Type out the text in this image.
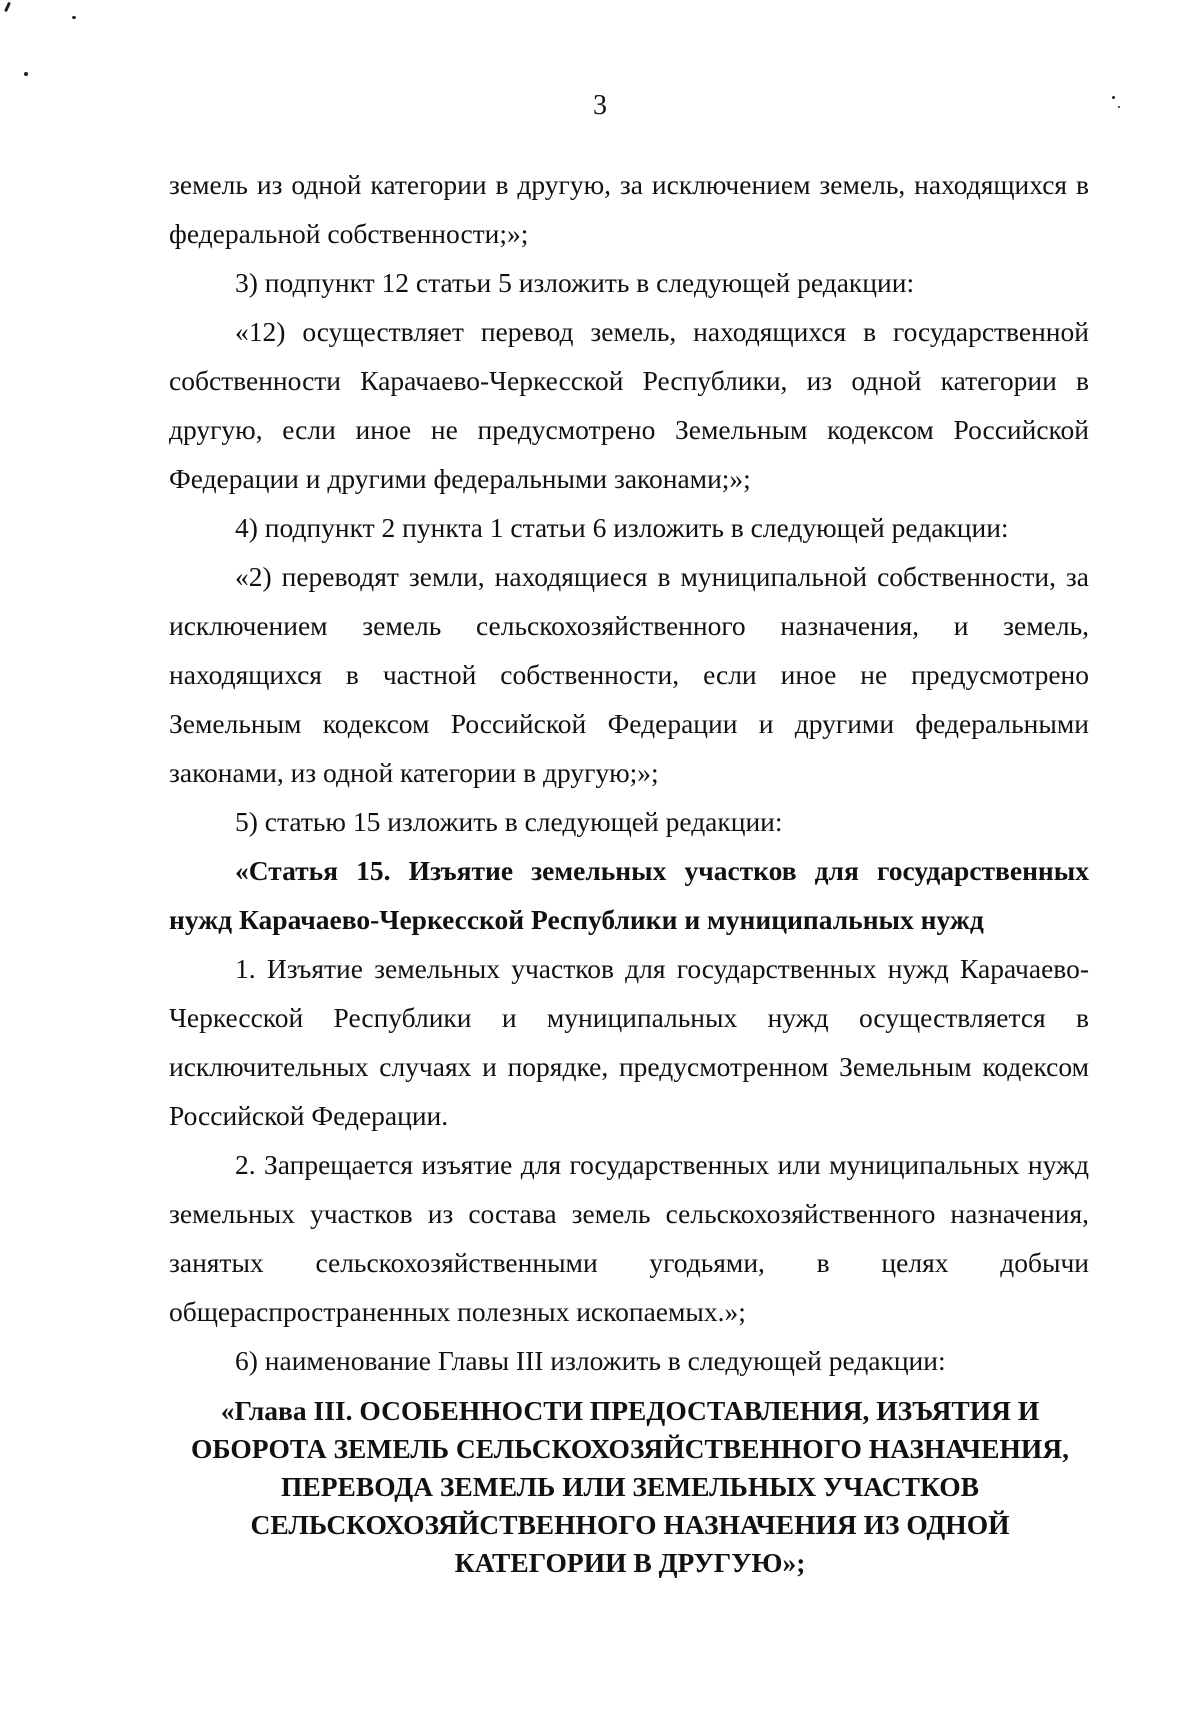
3

земель из одной категории в другую, за исключением земель, находящихся в федеральной собственности;»;

3) подпункт 12 статьи 5 изложить в следующей редакции:

«12) осуществляет перевод земель, находящихся в государственной собственности Карачаево-Черкесской Республики, из одной категории в другую, если иное не предусмотрено Земельным кодексом Российской Федерации и другими федеральными законами;»;

4) подпункт 2 пункта 1 статьи 6 изложить в следующей редакции:

«2) переводят земли, находящиеся в муниципальной собственности, за исключением земель сельскохозяйственного назначения, и земель, находящихся в частной собственности, если иное не предусмотрено Земельным кодексом Российской Федерации и другими федеральными законами, из одной категории в другую;»;

5) статью 15 изложить в следующей редакции:

«Статья 15. Изъятие земельных участков для государственных нужд Карачаево-Черкесской Республики и муниципальных нужд

1. Изъятие земельных участков для государственных нужд Карачаево-Черкесской Республики и муниципальных нужд осуществляется в исключительных случаях и порядке, предусмотренном Земельным кодексом Российской Федерации.

2. Запрещается изъятие для государственных или муниципальных нужд земельных участков из состава земель сельскохозяйственного назначения, занятых сельскохозяйственными угодьями, в целях добычи общераспространенных полезных ископаемых.»;

6) наименование Главы III изложить в следующей редакции:

«Глава III. ОСОБЕННОСТИ ПРЕДОСТАВЛЕНИЯ, ИЗЪЯТИЯ И
ОБОРОТА ЗЕМЕЛЬ СЕЛЬСКОХОЗЯЙСТВЕННОГО НАЗНАЧЕНИЯ,
ПЕРЕВОДА ЗЕМЕЛЬ ИЛИ ЗЕМЕЛЬНЫХ УЧАСТКОВ
СЕЛЬСКОХОЗЯЙСТВЕННОГО НАЗНАЧЕНИЯ ИЗ ОДНОЙ
КАТЕГОРИИ В ДРУГУЮ»;
